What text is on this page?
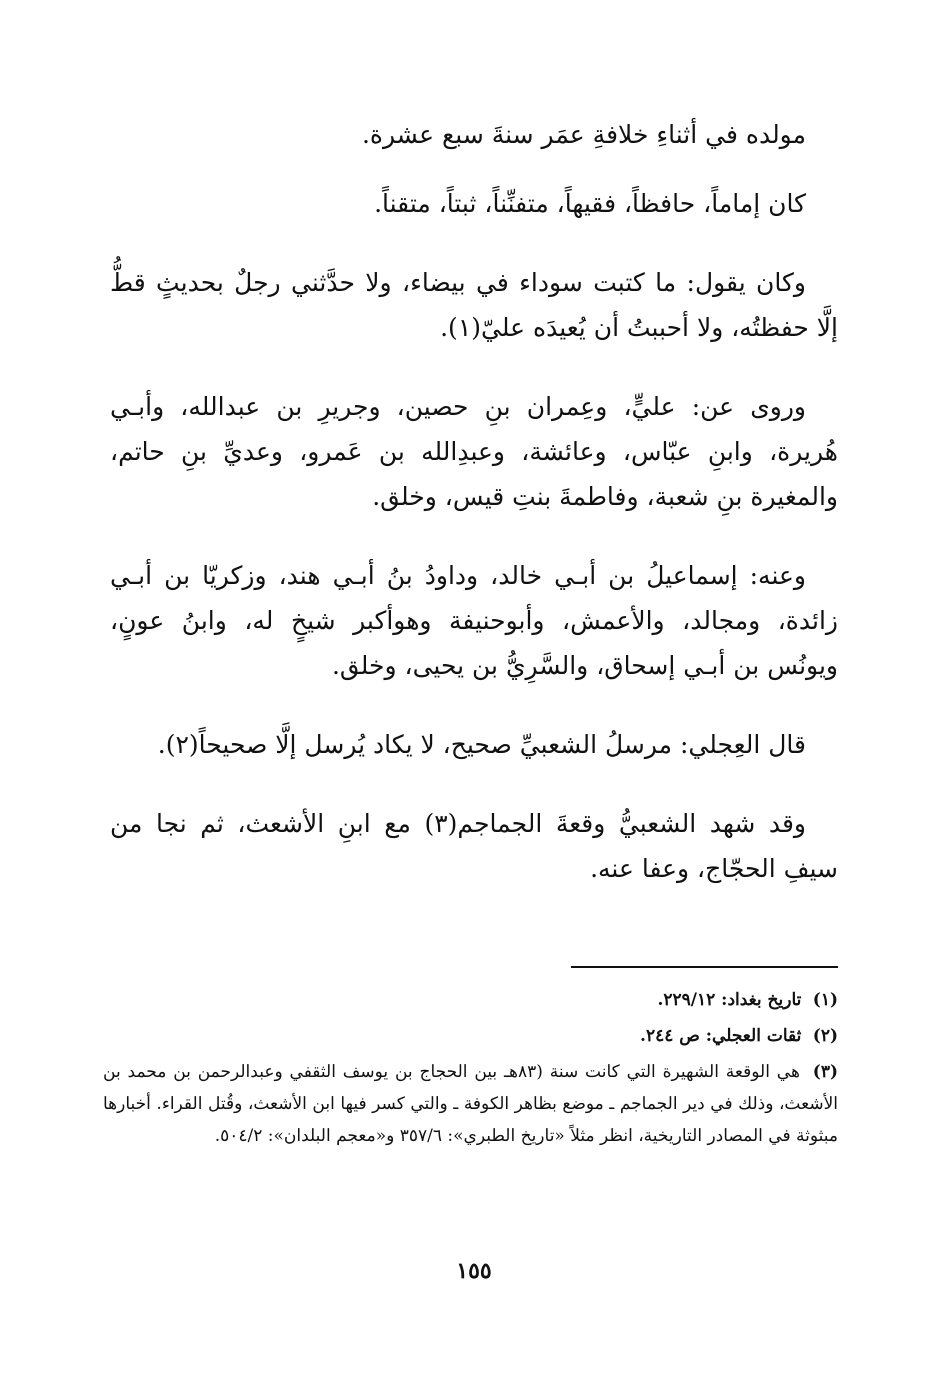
مولده في أثناءِ خلافةِ عمَر سنةَ سبع عشرة.

كان إماماً، حافظاً، فقيهاً، متفنِّناً، ثبتاً، متقناً.

وكان يقول: ما كتبت سوداء في بيضاء، ولا حدَّثني رجلٌ بحديثٍ قطُّ إلَّا حفظتُه، ولا أحببتُ أن يُعيدَه عليّ(١).

وروى عن: عليٍّ، وعِمران بنِ حصين، وجريرِ بن عبدالله، وأبـي هُريرة، وابنِ عبّاس، وعائشة، وعبدِالله بن عَمرو، وعديِّ بنِ حاتم، والمغيرة بنِ شعبة، وفاطمةَ بنتِ قيس، وخلق.

وعنه: إسماعيلُ بن أبـي خالد، وداودُ بنُ أبـي هند، وزكريّا بن أبـي زائدة، ومجالد، والأعمش، وأبوحنيفة وهوأكبر شيخٍ له، وابنُ عونٍ، ويونُس بن أبـي إسحاق، والسَّرِيُّ بن يحيى، وخلق.

قال العِجلي: مرسلُ الشعبيِّ صحيح، لا يكاد يُرسل إلَّا صحيحاً(٢).

وقد شهد الشعبيُّ وقعةَ الجماجم(٣) مع ابنِ الأشعث، ثم نجا من سيفِ الحجّاج، وعفا عنه.

(١) تاريخ بغداد: ٢٢٩/١٢.

(٢) ثقات العجلي: ص ٢٤٤.

(٣) هي الوقعة الشهيرة التي كانت سنة (٨٣هـ بين الحجاج بن يوسف الثقفي وعبدالرحمن بن محمد بن الأشعث، وذلك في دير الجماجم ـ موضع بظاهر الكوفة ـ والتي كسر فيها ابن الأشعث، وقُتل القراء. أخبارها مبثوثة في المصادر التاريخية، انظر مثلاً «تاريخ الطبري»: ٣٥٧/٦ و«معجم البلدان»: ٥٠٤/٢.

١٥٥
